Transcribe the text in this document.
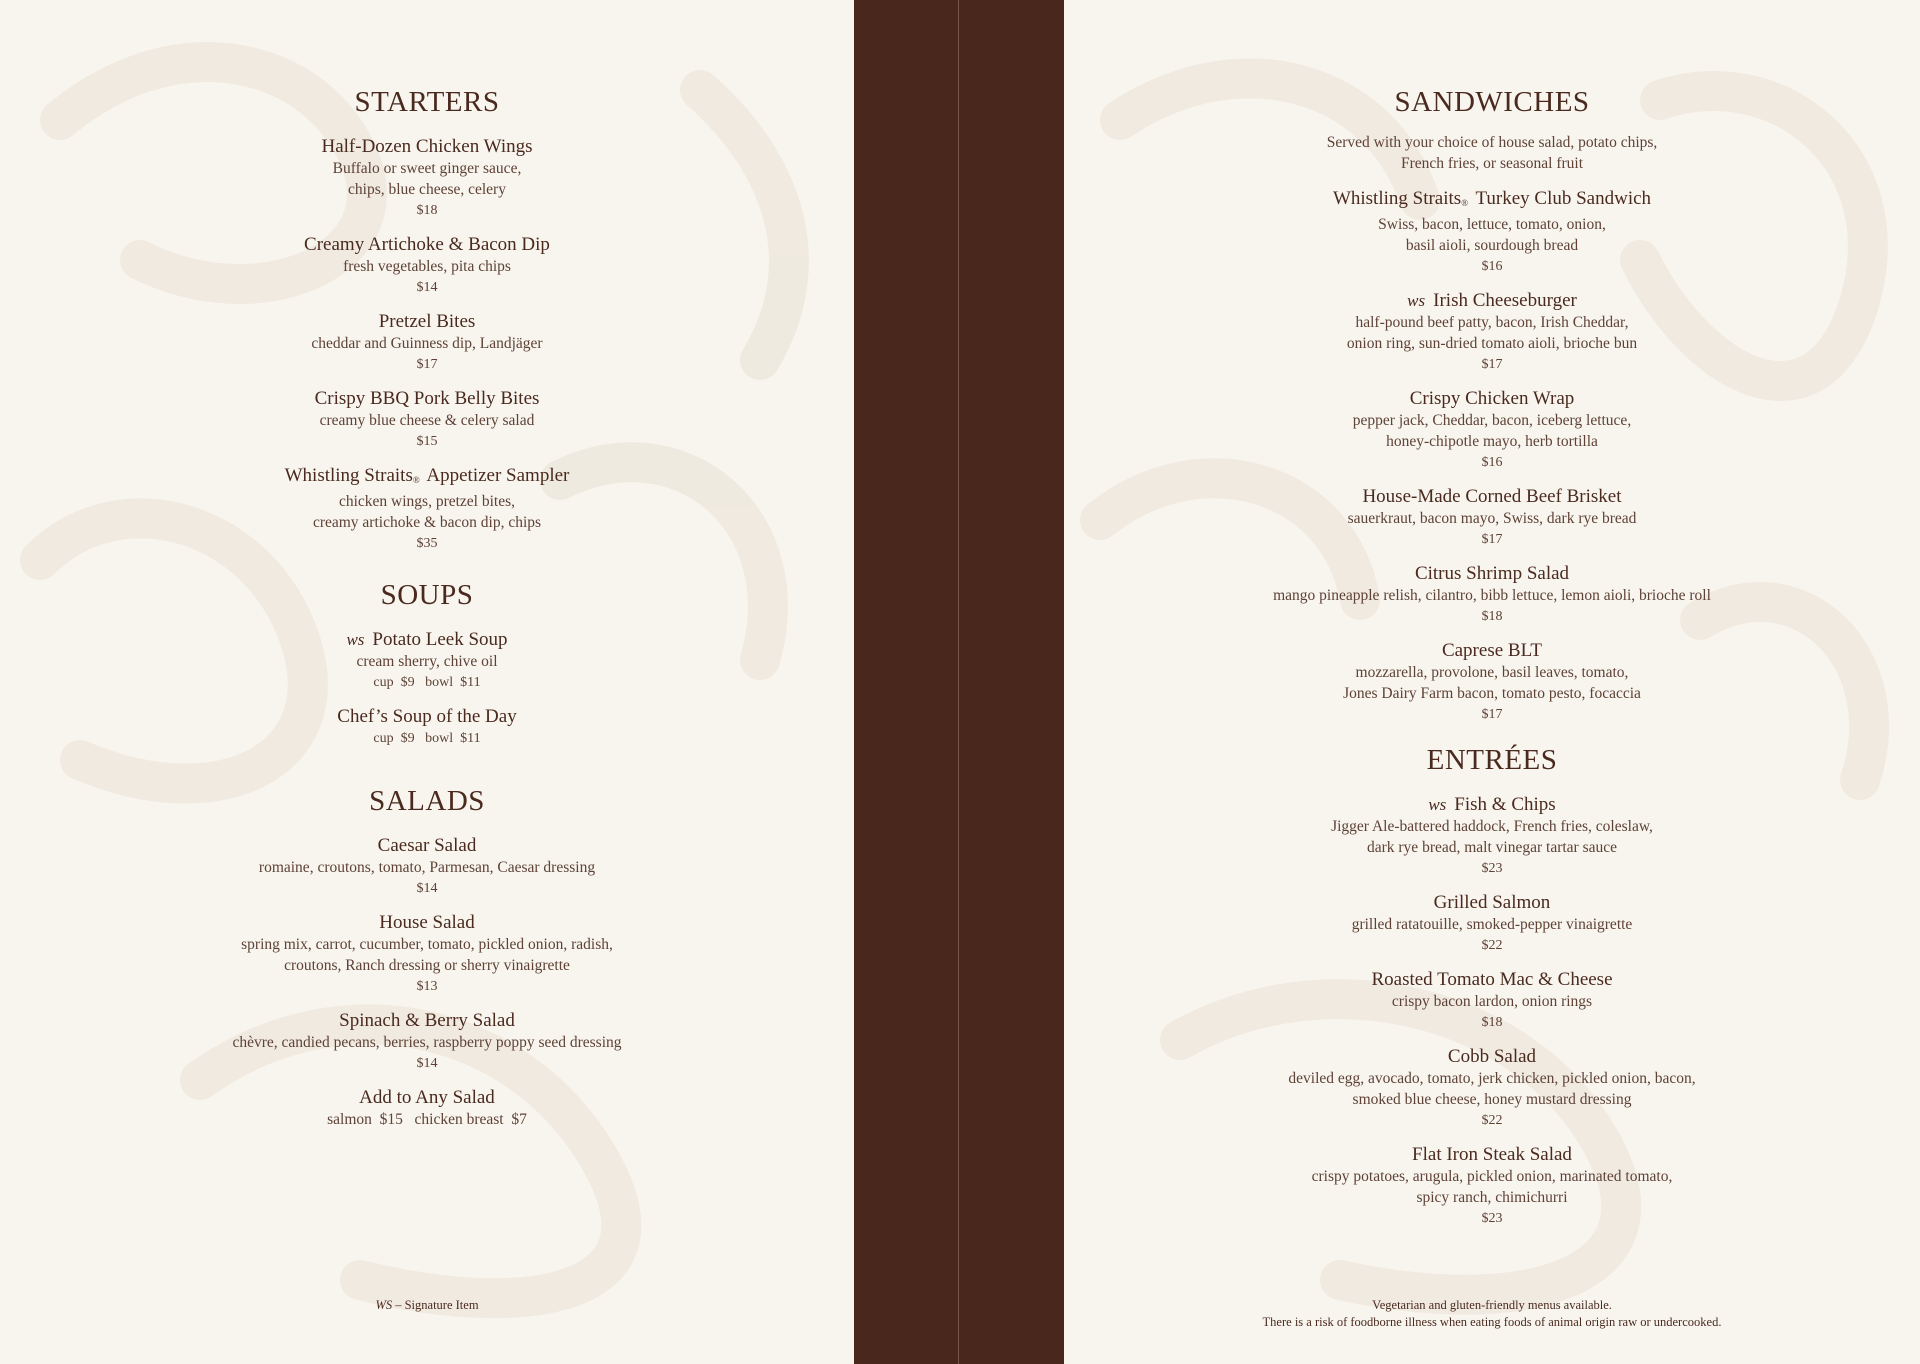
STARTERS
Half-Dozen Chicken Wings
Buffalo or sweet ginger sauce,
chips, blue cheese, celery
$18
Creamy Artichoke & Bacon Dip
fresh vegetables, pita chips
$14
Pretzel Bites
cheddar and Guinness dip, Landjäger
$17
Crispy BBQ Pork Belly Bites
creamy blue cheese & celery salad
$15
Whistling Straits® Appetizer Sampler
chicken wings, pretzel bites,
creamy artichoke & bacon dip, chips
$35
SOUPS
ws Potato Leek Soup
cream sherry, chive oil
cup  $9   bowl  $11
Chef’s Soup of the Day
cup  $9   bowl  $11
SALADS
Caesar Salad
romaine, croutons, tomato, Parmesan, Caesar dressing
$14
House Salad
spring mix, carrot, cucumber, tomato, pickled onion, radish,
croutons, Ranch dressing or sherry vinaigrette
$13
Spinach & Berry Salad
chèvre, candied pecans, berries, raspberry poppy seed dressing
$14
Add to Any Salad
salmon  $15   chicken breast  $7
WS – Signature Item
SANDWICHES
Served with your choice of house salad, potato chips,
French fries, or seasonal fruit
Whistling Straits® Turkey Club Sandwich
Swiss, bacon, lettuce, tomato, onion,
basil aioli, sourdough bread
$16
ws Irish Cheeseburger
half-pound beef patty, bacon, Irish Cheddar,
onion ring, sun-dried tomato aioli, brioche bun
$17
Crispy Chicken Wrap
pepper jack, Cheddar, bacon, iceberg lettuce,
honey-chipotle mayo, herb tortilla
$16
House-Made Corned Beef Brisket
sauerkraut, bacon mayo, Swiss, dark rye bread
$17
Citrus Shrimp Salad
mango pineapple relish, cilantro, bibb lettuce, lemon aioli, brioche roll
$18
Caprese BLT
mozzarella, provolone, basil leaves, tomato,
Jones Dairy Farm bacon, tomato pesto, focaccia
$17
ENTRÉES
ws Fish & Chips
Jigger Ale-battered haddock, French fries, coleslaw,
dark rye bread, malt vinegar tartar sauce
$23
Grilled Salmon
grilled ratatouille, smoked-pepper vinaigrette
$22
Roasted Tomato Mac & Cheese
crispy bacon lardon, onion rings
$18
Cobb Salad
deviled egg, avocado, tomato, jerk chicken, pickled onion, bacon,
smoked blue cheese, honey mustard dressing
$22
Flat Iron Steak Salad
crispy potatoes, arugula, pickled onion, marinated tomato,
spicy ranch, chimichurri
$23
Vegetarian and gluten-friendly menus available.
There is a risk of foodborne illness when eating foods of animal origin raw or undercooked.
